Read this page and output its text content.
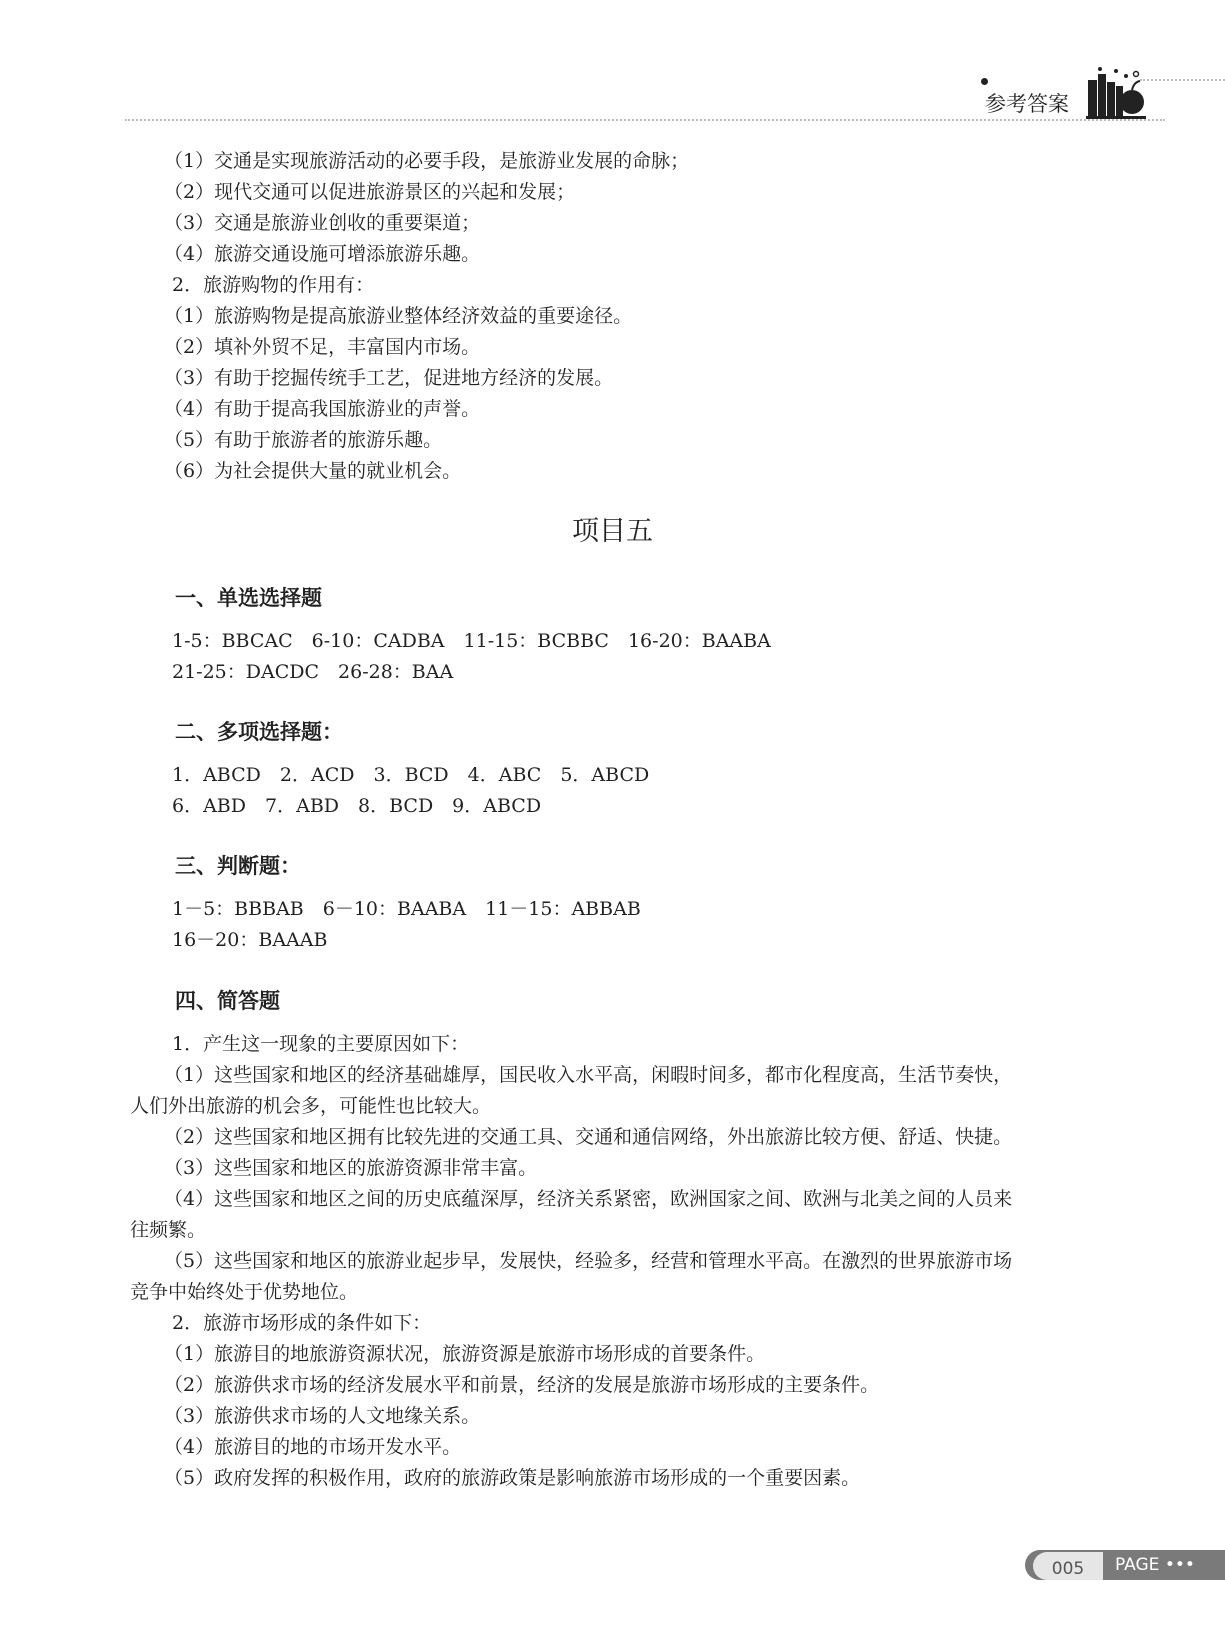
参考答案
（1）交通是实现旅游活动的必要手段，是旅游业发展的命脉；
（2）现代交通可以促进旅游景区的兴起和发展；
（3）交通是旅游业创收的重要渠道；
（4）旅游交通设施可增添旅游乐趣。
2．旅游购物的作用有：
（1）旅游购物是提高旅游业整体经济效益的重要途径。
（2）填补外贸不足，丰富国内市场。
（3）有助于挖掘传统手工艺，促进地方经济的发展。
（4）有助于提高我国旅游业的声誉。
（5）有助于旅游者的旅游乐趣。
（6）为社会提供大量的就业机会。
项目五
一、单选选择题
1-5：BBCAC　6-10：CADBA　11-15：BCBBC　16-20：BAABA
21-25：DACDC　26-28：BAA
二、多项选择题：
1．ABCD　2．ACD　3．BCD　4．ABC　5．ABCD
6．ABD　7．ABD　8．BCD　9．ABCD
三、判断题：
1－5：BBBAB　6－10：BAABA　11－15：ABBAB
16－20：BAAAB
四、简答题
1．产生这一现象的主要原因如下：
（1）这些国家和地区的经济基础雄厚，国民收入水平高，闲暇时间多，都市化程度高，生活节奏快，
人们外出旅游的机会多，可能性也比较大。
（2）这些国家和地区拥有比较先进的交通工具、交通和通信网络，外出旅游比较方便、舒适、快捷。
（3）这些国家和地区的旅游资源非常丰富。
（4）这些国家和地区之间的历史底蕴深厚，经济关系紧密，欧洲国家之间、欧洲与北美之间的人员来
往频繁。
（5）这些国家和地区的旅游业起步早，发展快，经验多，经营和管理水平高。在激烈的世界旅游市场
竞争中始终处于优势地位。
2．旅游市场形成的条件如下：
（1）旅游目的地旅游资源状况，旅游资源是旅游市场形成的首要条件。
（2）旅游供求市场的经济发展水平和前景，经济的发展是旅游市场形成的主要条件。
（3）旅游供求市场的人文地缘关系。
（4）旅游目的地的市场开发水平。
（5）政府发挥的积极作用，政府的旅游政策是影响旅游市场形成的一个重要因素。
005	PAGE •••
